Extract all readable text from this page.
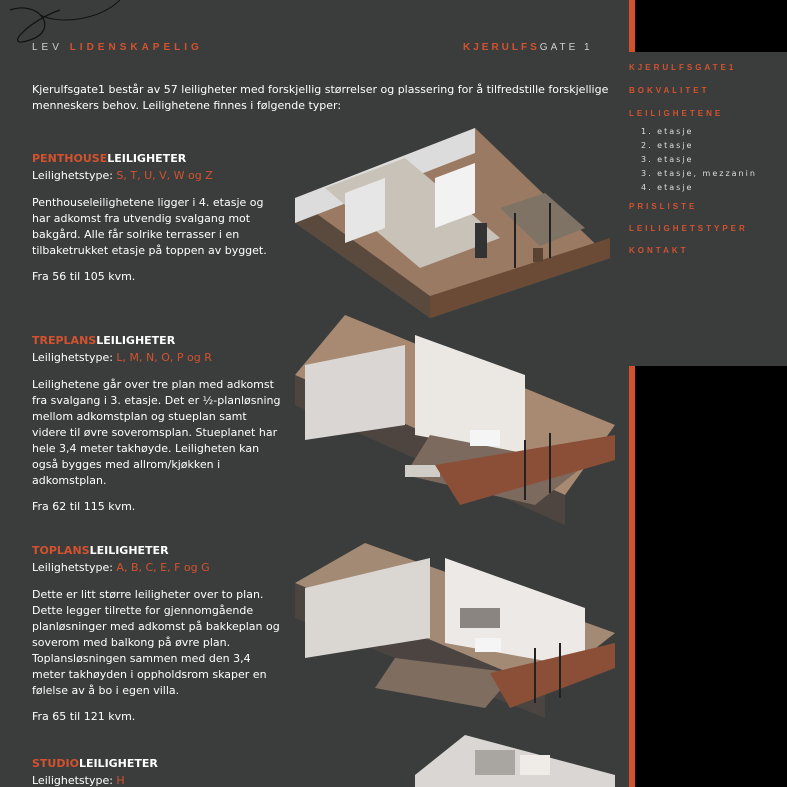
LEV LIDENSKAPELIG	KJERULFSGATE 1

Kjerulfsgate1 består av 57 leiligheter med forskjellig størrelser og plassering for å tilfredstille forskjellige menneskers behov. Leilighetene finnes i følgende typer:

PENTHOUSELEILIGHETER

Leilighetstype: S, T, U, V, W og Z

Penthouseleilighetene ligger i 4. etasje og har adkomst fra utvendig svalgang mot bakgård. Alle får solrike terrasser i en tilbaketrukket etasje på toppen av bygget.

Fra 56 til 105 kvm.

TREPLANSLEILIGHETER

Leilighetstype: L, M, N, O, P og R

Leilighetene går over tre plan med adkomst fra svalgang i 3. etasje. Det er ½-planløsning mellom adkomstplan og stueplan samt videre til øvre soveromsplan. Stueplanet har hele 3,4 meter takhøyde. Leiligheten kan også bygges med allrom/kjøkken i adkomstplan.

Fra 62 til 115 kvm.

TOPLANSLEILIGHETER

Leilighetstype: A, B, C, E, F og G

Dette er litt større leiligheter over to plan. Dette legger tilrette for gjennomgående planløsninger med adkomst på bakkeplan og soverom med balkong på øvre plan. Toplansløsningen sammen med den 3,4 meter takhøyden i oppholdsrom skaper en følelse av å bo i egen villa.

Fra 65 til 121 kvm.

STUDIOLEILIGHETER

Leilighetstype: H

KJERULFSGATE1
BOKVALITET
LEILIGHETENE
1. etasje
2. etasje
3. etasje
3. etasje, mezzanin
4. etasje
PRISLISTE
LEILIGHETSTYPER
KONTAKT
